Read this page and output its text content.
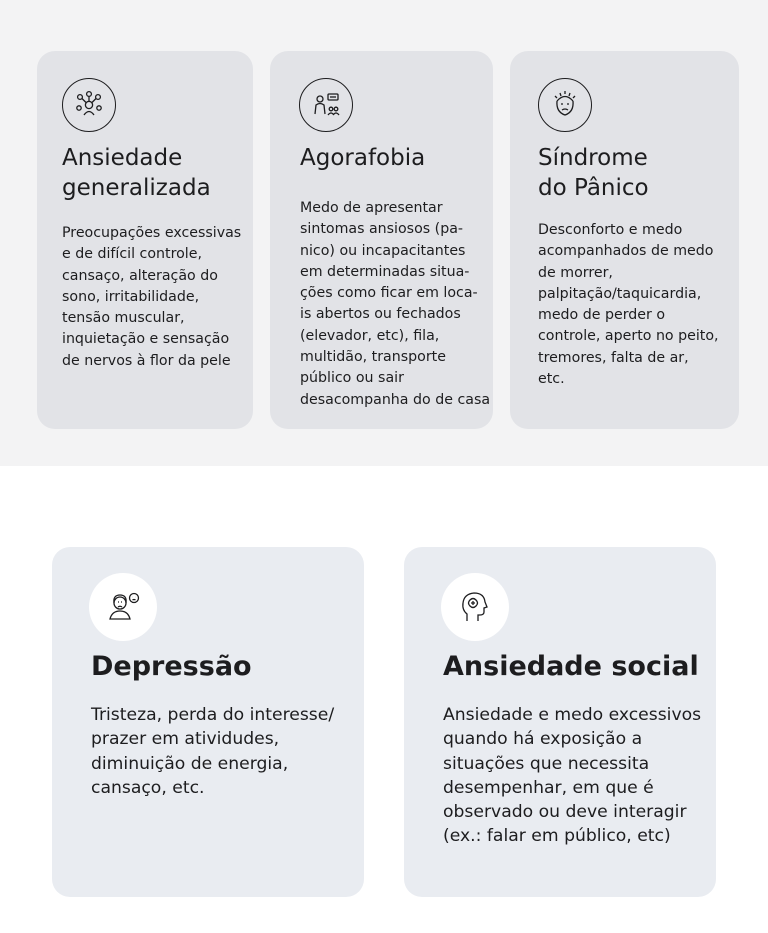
Ansiedade
generalizada
Preocupações excessivas
e de difícil controle,
cansaço, alteração do
sono, irritabilidade,
tensão muscular,
inquietação e sensação
de nervos à flor da pele
Agorafobia
Medo de apresentar
sintomas ansiosos (pa-
nico) ou incapacitantes
em determinadas situa-
ções como ficar em loca-
is abertos ou fechados
(elevador, etc), fila,
multidão, transporte
público ou sair
desacompanha do de casa
Síndrome
do Pânico
Desconforto e medo
acompanhados de medo
de morrer,
palpitação/taquicardia,
medo de perder o
controle, aperto no peito,
tremores, falta de ar,
etc.
Depressão
Tristeza, perda do interesse/
prazer em atividudes,
diminuição de energia,
cansaço, etc.
Ansiedade social
Ansiedade e medo excessivos
quando há exposição a
situações que necessita
desempenhar, em que é
observado ou deve interagir
(ex.: falar em público, etc)
